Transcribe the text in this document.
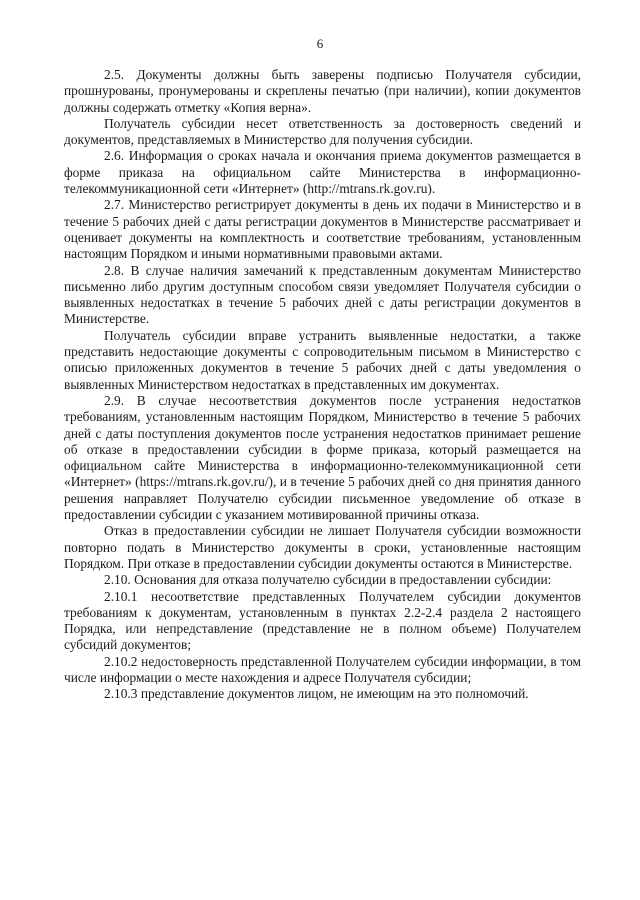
6

2.5. Документы должны быть заверены подписью Получателя субсидии, прошнурованы, пронумерованы и скреплены печатью (при наличии), копии документов должны содержать отметку «Копия верна».

Получатель субсидии несет ответственность за достоверность сведений и документов, представляемых в Министерство для получения субсидии.

2.6. Информация о сроках начала и окончания приема документов размещается в форме приказа на официальном сайте Министерства в информационно-телекоммуникационной сети «Интернет» (http://mtrans.rk.gov.ru).

2.7. Министерство регистрирует документы в день их подачи в Министерство и в течение 5 рабочих дней с даты регистрации документов в Министерстве рассматривает и оценивает документы на комплектность и соответствие требованиям, установленным настоящим Порядком и иными нормативными правовыми актами.

2.8. В случае наличия замечаний к представленным документам Министерство письменно либо другим доступным способом связи уведомляет Получателя субсидии о выявленных недостатках в течение 5 рабочих дней с даты регистрации документов в Министерстве.

Получатель субсидии вправе устранить выявленные недостатки, а также представить недостающие документы с сопроводительным письмом в Министерство с описью приложенных документов в течение 5 рабочих дней с даты уведомления о выявленных Министерством недостатках в представленных им документах.

2.9. В случае несоответствия документов после устранения недостатков требованиям, установленным настоящим Порядком, Министерство в течение 5 рабочих дней с даты поступления документов после устранения недостатков принимает решение об отказе в предоставлении субсидии в форме приказа, который размещается на официальном сайте Министерства в информационно-телекоммуникационной сети «Интернет» (https://mtrans.rk.gov.ru/), и в течение 5 рабочих дней со дня принятия данного решения направляет Получателю субсидии письменное уведомление об отказе в предоставлении субсидии с указанием мотивированной причины отказа.

Отказ в предоставлении субсидии не лишает Получателя субсидии возможности повторно подать в Министерство документы в сроки, установленные настоящим Порядком. При отказе в предоставлении субсидии документы остаются в Министерстве.

2.10. Основания для отказа получателю субсидии в предоставлении субсидии:

2.10.1 несоответствие представленных Получателем субсидии документов требованиям к документам, установленным в пунктах 2.2-2.4 раздела 2 настоящего Порядка, или непредставление (представление не в полном объеме) Получателем субсидий документов;

2.10.2 недостоверность представленной Получателем субсидии информации, в том числе информации о месте нахождения и адресе Получателя субсидии;

2.10.3 представление документов лицом, не имеющим на это полномочий.
